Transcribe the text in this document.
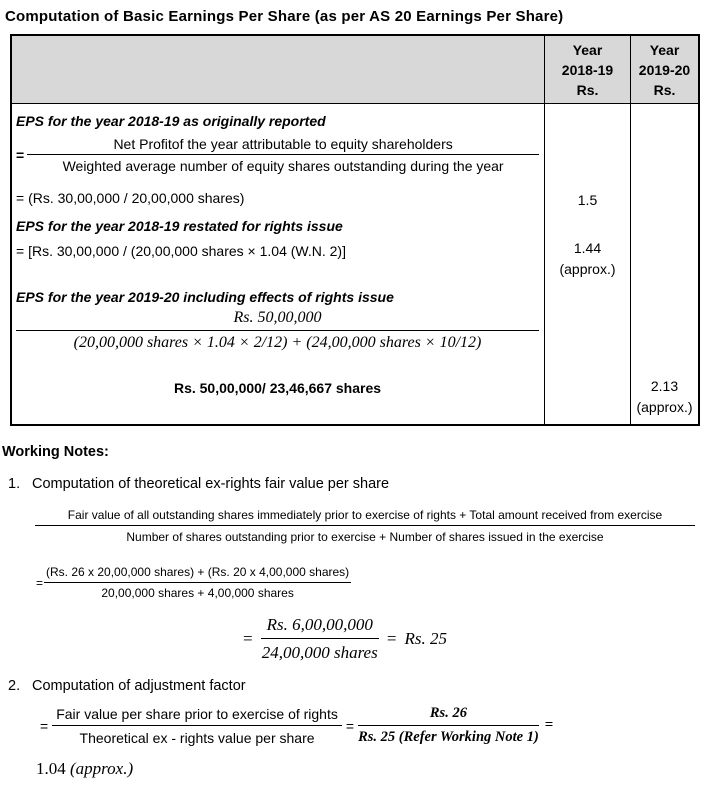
Computation of Basic Earnings Per Share (as per AS 20 Earnings Per Share)
Year
2018-19
Rs.
Year
2019-20
Rs.
EPS for the year 2018-19 as originally reported
=
Net Profitof the year attributable to equity shareholders
Weighted average number of equity shares outstanding during the year
= (Rs. 30,00,000 / 20,00,000 shares)
EPS for the year 2018-19 restated for rights issue
= [Rs. 30,00,000 / (20,00,000 shares × 1.04 (W.N. 2)]
EPS for the year 2019-20 including effects of rights issue
Rs. 50,00,000
(20,00,000 shares × 1.04 × 2/12) + (24,00,000 shares × 10/12)
Rs. 50,00,000/ 23,46,667 shares
1.5
1.44
(approx.)
2.13
(approx.)
Working Notes:
1. Computation of theoretical ex-rights fair value per share
Fair value of all outstanding shares immediately prior to exercise of rights + Total amount received from exercise
Number of shares outstanding prior to exercise + Number of shares issued in the exercise
= $\frac{\text{(Rs. 26 x 20,00,000 shares) + (Rs. 20 x 4,00,000 shares)}}{\text{20,00,000 shares + 4,00,000 shares}}$
= $\frac{Rs. 6,00,00,000}{\text{24,00,000 shares}} = Rs$. 25
2. Computation of adjustment factor
= $\frac{\text{Fair value per share prior to exercise of rights}}{\text{Theoretical ex - rights value per share}} = \frac{Rs. 26}{\text{Rs. 25 (Refer Working Note 1)}}$ =
1.04 (approx.)
